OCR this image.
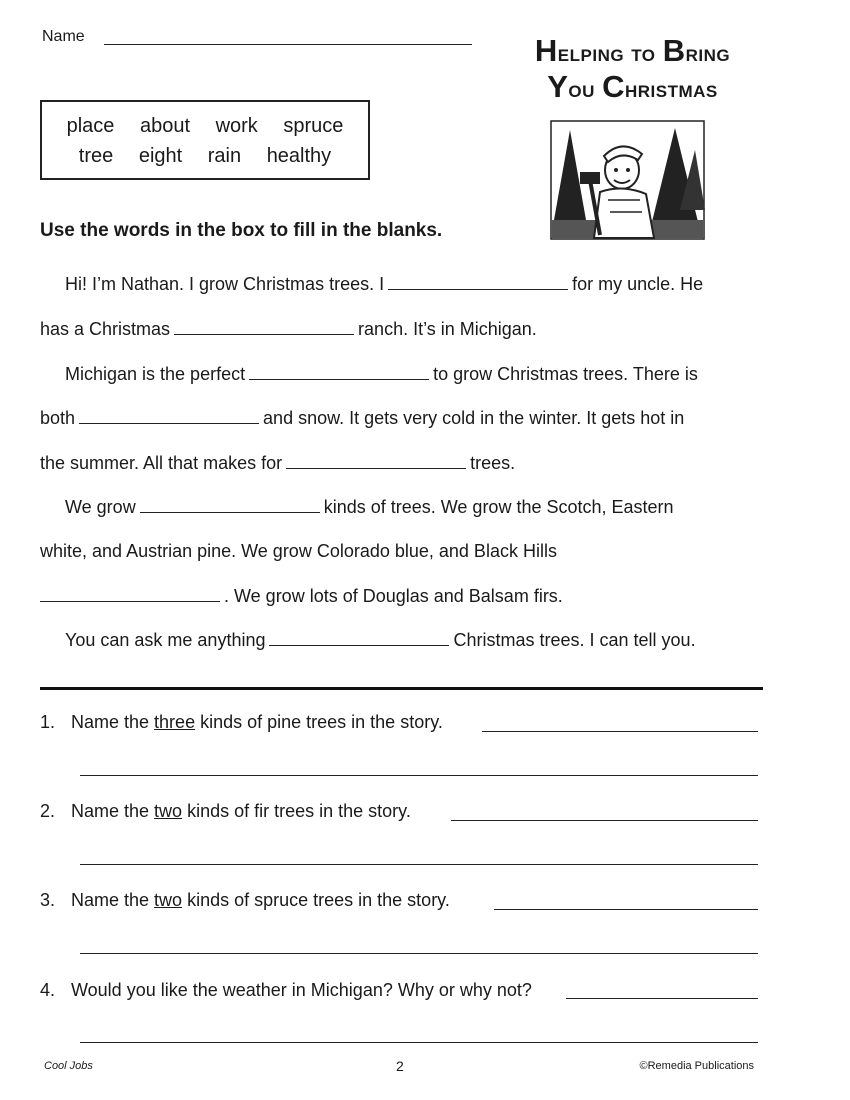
Name	Helping to Bring
You Christmas
place about work spruce
tree eight rain healthy
Use the words in the box to fill in the blanks.
Hi! I’m Nathan. I grow Christmas trees. I	for my uncle. He
has a Christmas	ranch. It’s in Michigan.
Michigan is the perfect	to grow Christmas trees. There is
both	and snow. It gets very cold in the winter. It gets hot in
the summer. All that makes for	trees.
We grow	kinds of trees. We grow the Scotch, Eastern
white, and Austrian pine. We grow Colorado blue, and Black Hills
. We grow lots of Douglas and Balsam firs.
You can ask me anything	Christmas trees. I can tell you.
1. Name the three kinds of pine trees in the story.
2. Name the two kinds of fir trees in the story.
3. Name the two kinds of spruce trees in the story.
4. Would you like the weather in Michigan? Why or why not?
Cool Jobs	2	©Remedia Publications
